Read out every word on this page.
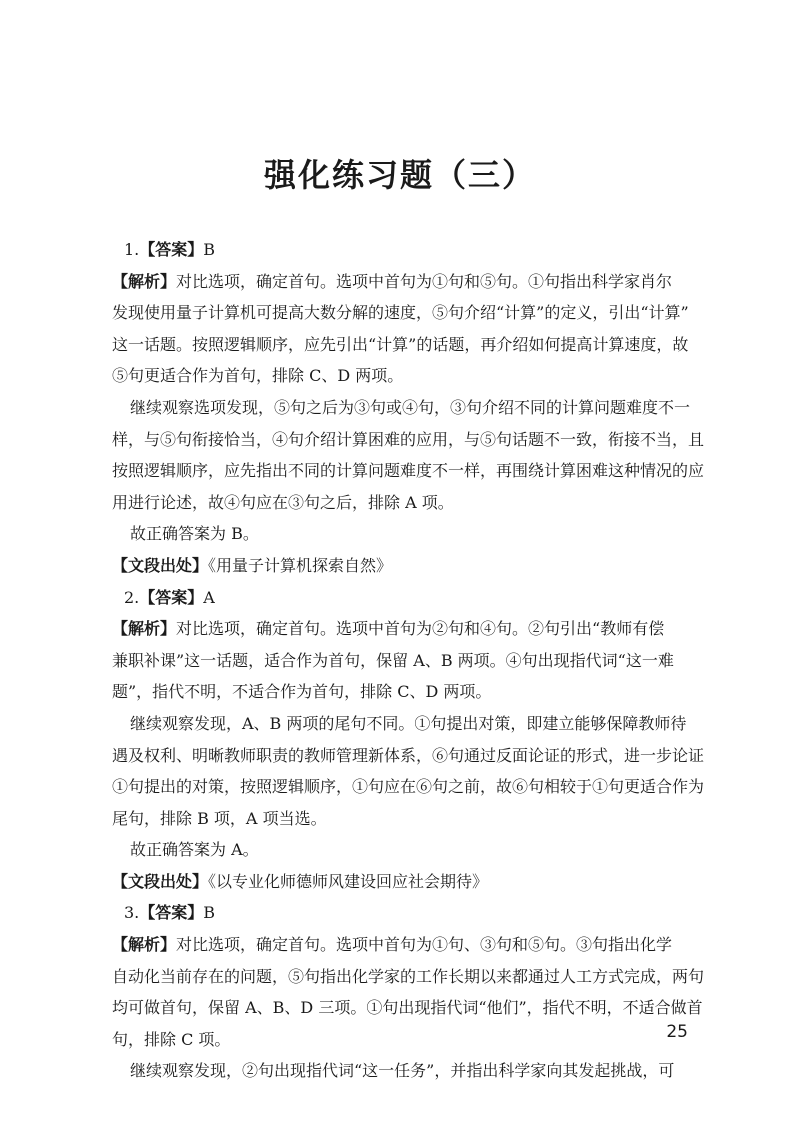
强化练习题（三）
1.【答案】B
【解析】对比选项，确定首句。选项中首句为①句和⑤句。①句指出科学家肖尔
发现使用量子计算机可提高大数分解的速度，⑤句介绍“计算”的定义，引出“计算”
这一话题。按照逻辑顺序，应先引出“计算”的话题，再介绍如何提高计算速度，故
⑤句更适合作为首句，排除 C、D 两项。
继续观察选项发现，⑤句之后为③句或④句，③句介绍不同的计算问题难度不一
样，与⑤句衔接恰当，④句介绍计算困难的应用，与⑤句话题不一致，衔接不当，且
按照逻辑顺序，应先指出不同的计算问题难度不一样，再围绕计算困难这种情况的应
用进行论述，故④句应在③句之后，排除 A 项。
故正确答案为 B。
【文段出处】《用量子计算机探索自然》
2.【答案】A
【解析】对比选项，确定首句。选项中首句为②句和④句。②句引出“教师有偿
兼职补课”这一话题，适合作为首句，保留 A、B 两项。④句出现指代词“这一难
题”，指代不明，不适合作为首句，排除 C、D 两项。
继续观察发现，A、B 两项的尾句不同。①句提出对策，即建立能够保障教师待
遇及权利、明晰教师职责的教师管理新体系，⑥句通过反面论证的形式，进一步论证
①句提出的对策，按照逻辑顺序，①句应在⑥句之前，故⑥句相较于①句更适合作为
尾句，排除 B 项，A 项当选。
故正确答案为 A。
【文段出处】《以专业化师德师风建设回应社会期待》
3.【答案】B
【解析】对比选项，确定首句。选项中首句为①句、③句和⑤句。③句指出化学
自动化当前存在的问题，⑤句指出化学家的工作长期以来都通过人工方式完成，两句
均可做首句，保留 A、B、D 三项。①句出现指代词“他们”，指代不明，不适合做首
句，排除 C 项。
继续观察发现，②句出现指代词“这一任务”，并指出科学家向其发起挑战，可
25
